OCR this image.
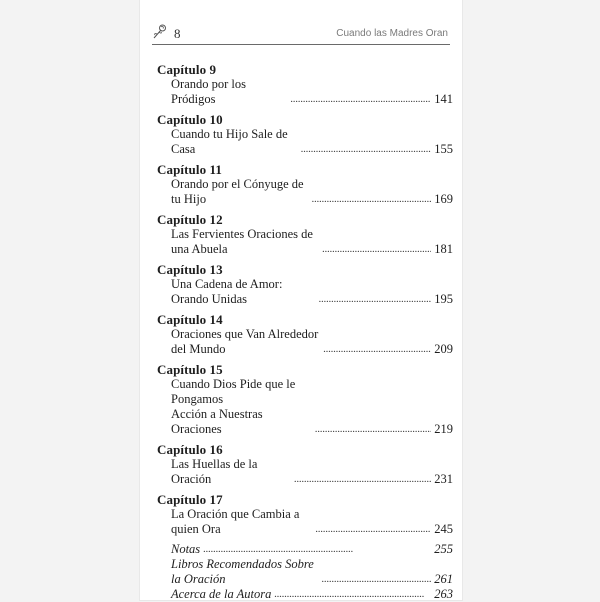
8	Cuando las Madres Oran
Capítulo 9
Orando por los Pródigos . . .	141
Capítulo 10
Cuando tu Hijo Sale de Casa . . .	155
Capítulo 11
Orando por el Cónyuge de tu Hijo . . .	169
Capítulo 12
Las Fervientes Oraciones de una Abuela . . .	181
Capítulo 13
Una Cadena de Amor: Orando Unidas . . .	195
Capítulo 14
Oraciones que Van Alrededor del Mundo . . .	209
Capítulo 15
Cuando Dios Pide que le Pongamos
Acción a Nuestras Oraciones . . .	219
Capítulo 16
Las Huellas de la Oración . . .	231
Capítulo 17
La Oración que Cambia a quien Ora . . .	245
Notas . . .	255
Libros Recomendados Sobre la Oración . . .	261
Acerca de la Autora . . .	263
